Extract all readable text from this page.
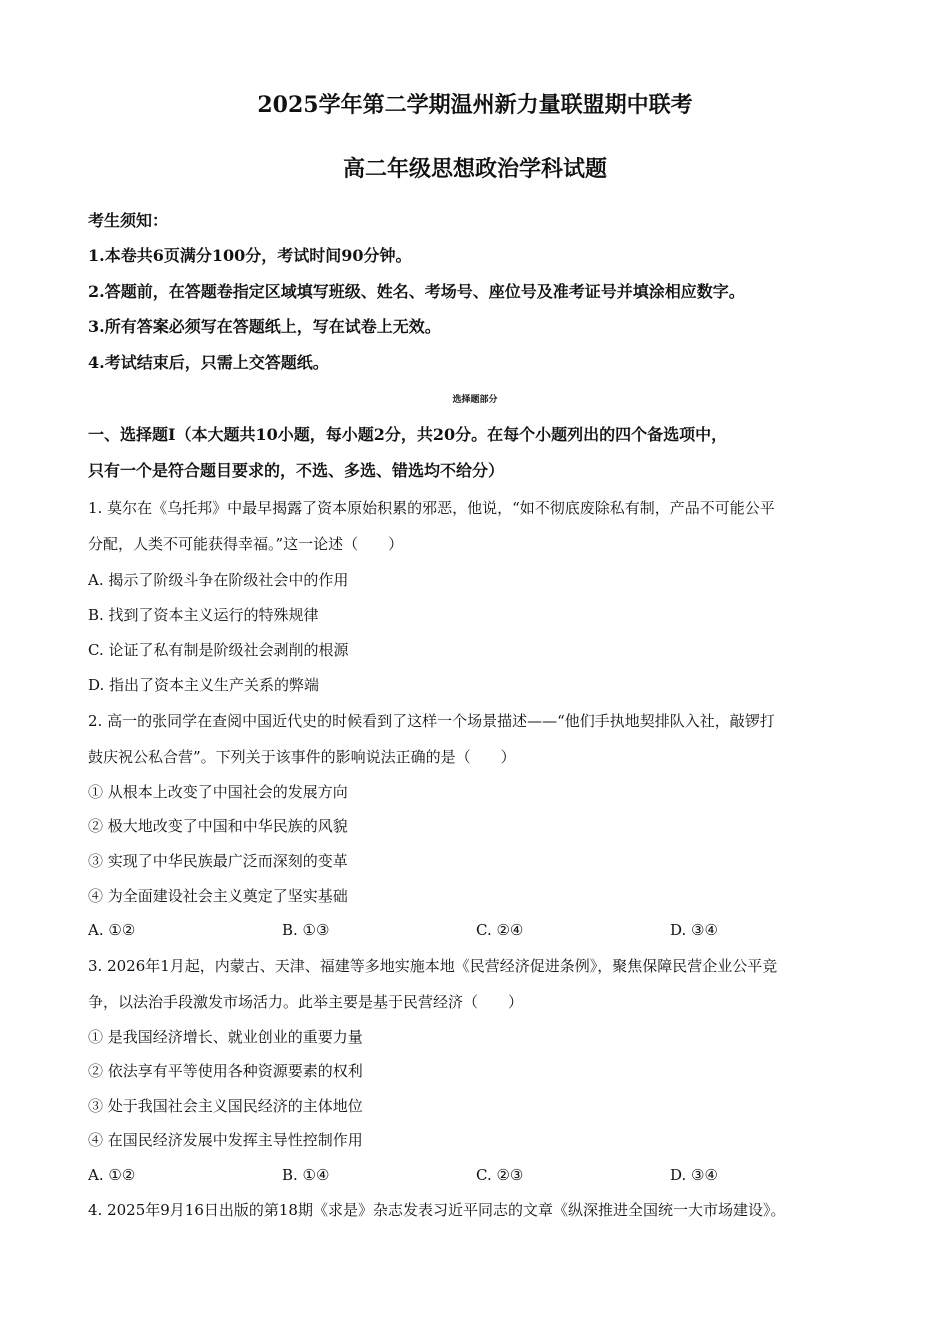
2025学年第二学期温州新力量联盟期中联考
高二年级思想政治学科试题
考生须知：
1.本卷共6页满分100分，考试时间90分钟。
2.答题前，在答题卷指定区域填写班级、姓名、考场号、座位号及准考证号并填涂相应数字。
3.所有答案必须写在答题纸上，写在试卷上无效。
4.考试结束后，只需上交答题纸。
选择题部分
一、选择题Ⅰ（本大题共10小题，每小题2分，共20分。在每个小题列出的四个备选项中，
只有一个是符合题目要求的，不选、多选、错选均不给分）
1. 莫尔在《乌托邦》中最早揭露了资本原始积累的邪恶，他说，“如不彻底废除私有制，产品不可能公平
分配，人类不可能获得幸福。”这一论述（　　）
A. 揭示了阶级斗争在阶级社会中的作用
B. 找到了资本主义运行的特殊规律
C. 论证了私有制是阶级社会剥削的根源
D. 指出了资本主义生产关系的弊端
2. 高一的张同学在查阅中国近代史的时候看到了这样一个场景描述——“他们手执地契排队入社，敲锣打
鼓庆祝公私合营”。下列关于该事件的影响说法正确的是（　　）
① 从根本上改变了中国社会的发展方向
② 极大地改变了中国和中华民族的风貌
③ 实现了中华民族最广泛而深刻的变革
④ 为全面建设社会主义奠定了坚实基础
A. ①②	B. ①③	C. ②④	D. ③④
3. 2026年1月起，内蒙古、天津、福建等多地实施本地《民营经济促进条例》，聚焦保障民营企业公平竞
争，以法治手段激发市场活力。此举主要是基于民营经济（　　）
① 是我国经济增长、就业创业的重要力量
② 依法享有平等使用各种资源要素的权利
③ 处于我国社会主义国民经济的主体地位
④ 在国民经济发展中发挥主导性控制作用
A. ①②	B. ①④	C. ②③	D. ③④
4. 2025年9月16日出版的第18期《求是》杂志发表习近平同志的文章《纵深推进全国统一大市场建设》。
